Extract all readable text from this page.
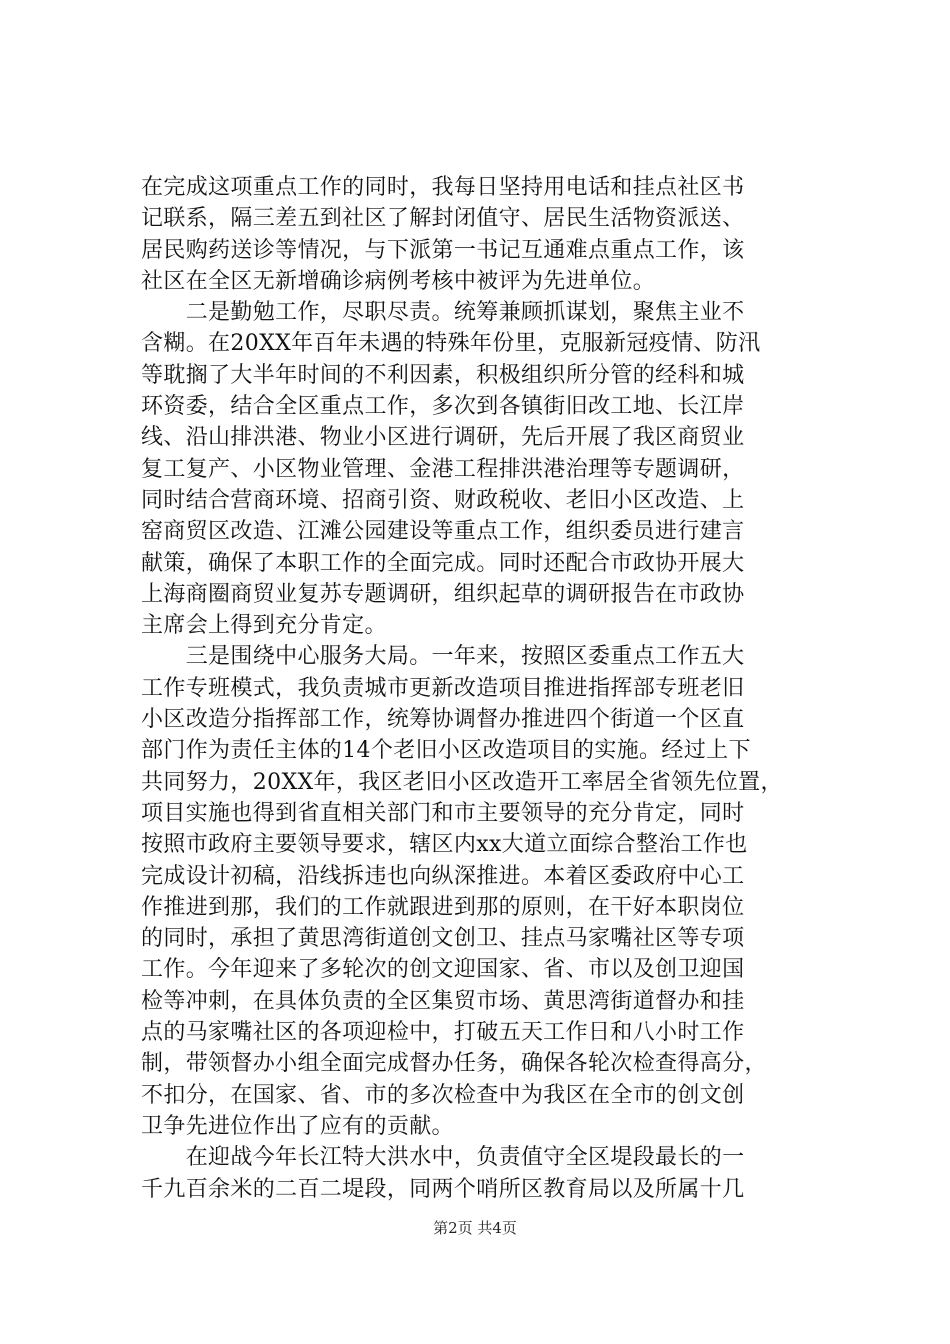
在完成这项重点工作的同时，我每日坚持用电话和挂点社区书
记联系，隔三差五到社区了解封闭值守、居民生活物资派送、
居民购药送诊等情况，与下派第一书记互通难点重点工作，该
社区在全区无新增确诊病例考核中被评为先进单位。
　　二是勤勉工作，尽职尽责。统筹兼顾抓谋划，聚焦主业不
含糊。在20XX年百年未遇的特殊年份里，克服新冠疫情、防汛
等耽搁了大半年时间的不利因素，积极组织所分管的经科和城
环资委，结合全区重点工作，多次到各镇街旧改工地、长江岸
线、沿山排洪港、物业小区进行调研，先后开展了我区商贸业
复工复产、小区物业管理、金港工程排洪港治理等专题调研，
同时结合营商环境、招商引资、财政税收、老旧小区改造、上
窑商贸区改造、江滩公园建设等重点工作，组织委员进行建言
献策，确保了本职工作的全面完成。同时还配合市政协开展大
上海商圈商贸业复苏专题调研，组织起草的调研报告在市政协
主席会上得到充分肯定。
　　三是围绕中心服务大局。一年来，按照区委重点工作五大
工作专班模式，我负责城市更新改造项目推进指挥部专班老旧
小区改造分指挥部工作，统筹协调督办推进四个街道一个区直
部门作为责任主体的14个老旧小区改造项目的实施。经过上下
共同努力，20XX年，我区老旧小区改造开工率居全省领先位置，
项目实施也得到省直相关部门和市主要领导的充分肯定，同时
按照市政府主要领导要求，辖区内xx大道立面综合整治工作也
完成设计初稿，沿线拆违也向纵深推进。本着区委政府中心工
作推进到那，我们的工作就跟进到那的原则，在干好本职岗位
的同时，承担了黄思湾街道创文创卫、挂点马家嘴社区等专项
工作。今年迎来了多轮次的创文迎国家、省、市以及创卫迎国
检等冲刺，在具体负责的全区集贸市场、黄思湾街道督办和挂
点的马家嘴社区的各项迎检中，打破五天工作日和八小时工作
制，带领督办小组全面完成督办任务，确保各轮次检查得高分，
不扣分，在国家、省、市的多次检查中为我区在全市的创文创
卫争先进位作出了应有的贡献。
　　在迎战今年长江特大洪水中，负责值守全区堤段最长的一
千九百余米的二百二堤段，同两个哨所区教育局以及所属十几
第2页 共4页
